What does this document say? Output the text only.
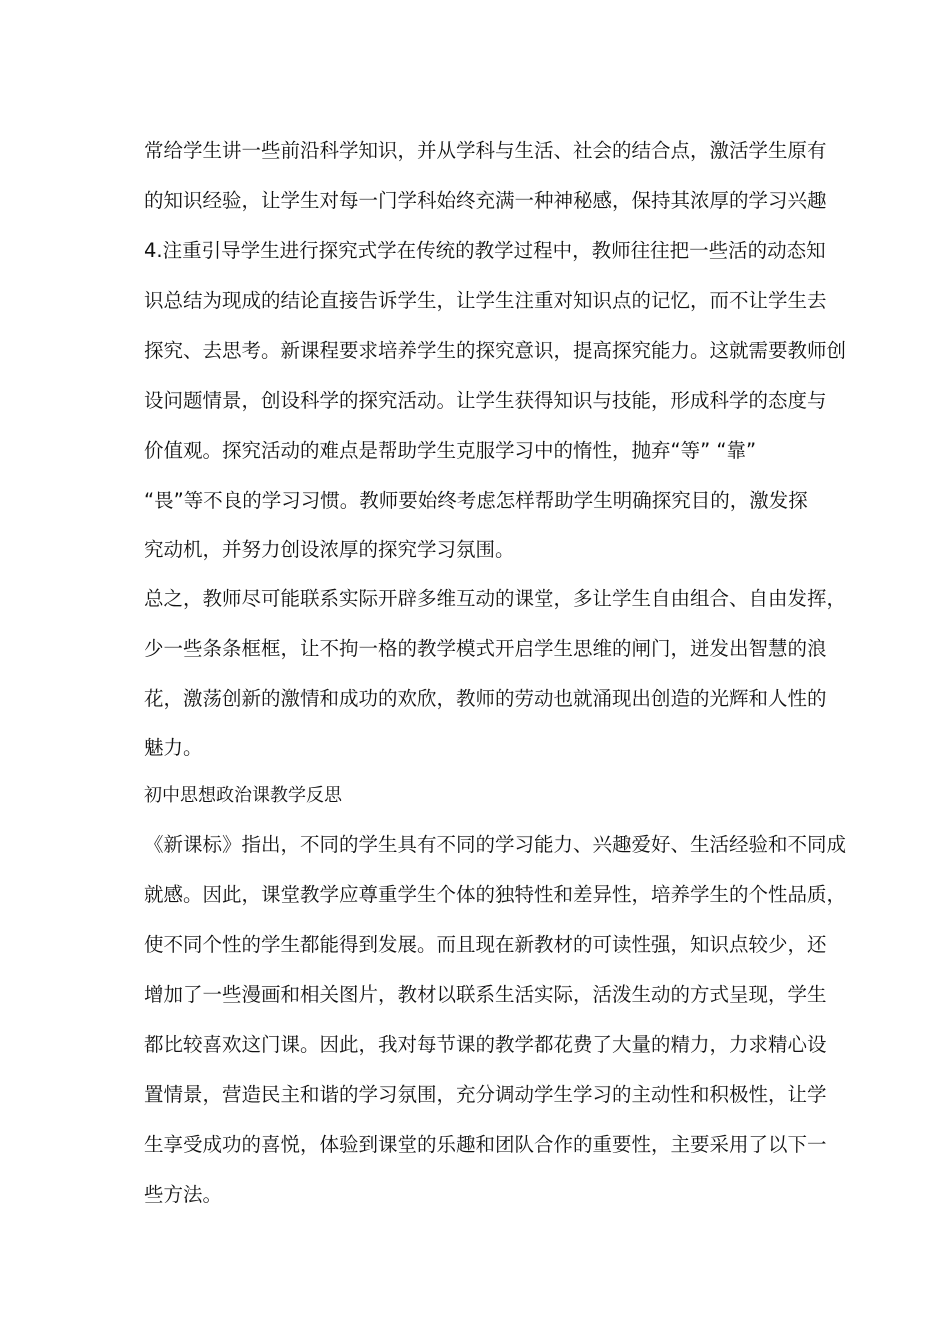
常给学生讲一些前沿科学知识，并从学科与生活、社会的结合点，激活学生原有
的知识经验，让学生对每一门学科始终充满一种神秘感，保持其浓厚的学习兴趣
4.注重引导学生进行探究式学在传统的教学过程中，教师往往把一些活的动态知
识总结为现成的结论直接告诉学生，让学生注重对知识点的记忆，而不让学生去
探究、去思考。新课程要求培养学生的探究意识，提高探究能力。这就需要教师创
设问题情景，创设科学的探究活动。让学生获得知识与技能，形成科学的态度与
价值观。探究活动的难点是帮助学生克服学习中的惰性，抛弃“等” “靠”
“畏”等不良的学习习惯。教师要始终考虑怎样帮助学生明确探究目的，激发探
究动机，并努力创设浓厚的探究学习氛围。
总之，教师尽可能联系实际开辟多维互动的课堂，多让学生自由组合、自由发挥，
少一些条条框框，让不拘一格的教学模式开启学生思维的闸门，迸发出智慧的浪
花，激荡创新的激情和成功的欢欣，教师的劳动也就涌现出创造的光辉和人性的
魅力。
初中思想政治课教学反思
《新课标》指出，不同的学生具有不同的学习能力、兴趣爱好、生活经验和不同成
就感。因此，课堂教学应尊重学生个体的独特性和差异性，培养学生的个性品质，
使不同个性的学生都能得到发展。而且现在新教材的可读性强，知识点较少，还
增加了一些漫画和相关图片，教材以联系生活实际，活泼生动的方式呈现，学生
都比较喜欢这门课。因此，我对每节课的教学都花费了大量的精力，力求精心设
置情景，营造民主和谐的学习氛围，充分调动学生学习的主动性和积极性，让学
生享受成功的喜悦，体验到课堂的乐趣和团队合作的重要性，主要采用了以下一
些方法。
